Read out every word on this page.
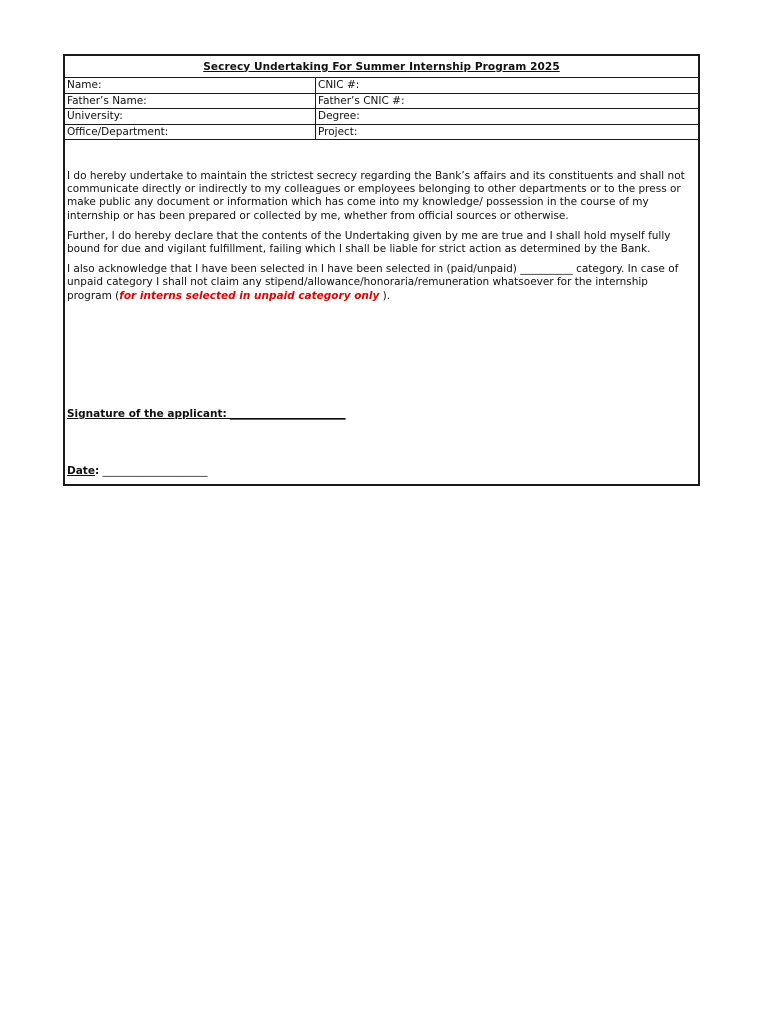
Secrecy Undertaking For Summer Internship Program 2025
Name:	CNIC #:
Father’s Name:	Father’s CNIC #:
University:	Degree:
Office/Department:	Project:

I do hereby undertake to maintain the strictest secrecy regarding the Bank’s affairs and its constituents and shall not communicate directly or indirectly to my colleagues or employees belonging to other departments or to the press or make public any document or information which has come into my knowledge/ possession in the course of my internship or has been prepared or collected by me, whether from official sources or otherwise.

Further, I do hereby declare that the contents of the Undertaking given by me are true and I shall hold myself fully bound for due and vigilant fulfillment, failing which I shall be liable for strict action as determined by the Bank.

I also acknowledge that I have been selected in I have been selected in (paid/unpaid) __________ category. In case of unpaid category I shall not claim any stipend/allowance/honoraria/remuneration whatsoever for the internship program (for interns selected in unpaid category only ).

Signature of the applicant: ______________________
Date: ____________________
